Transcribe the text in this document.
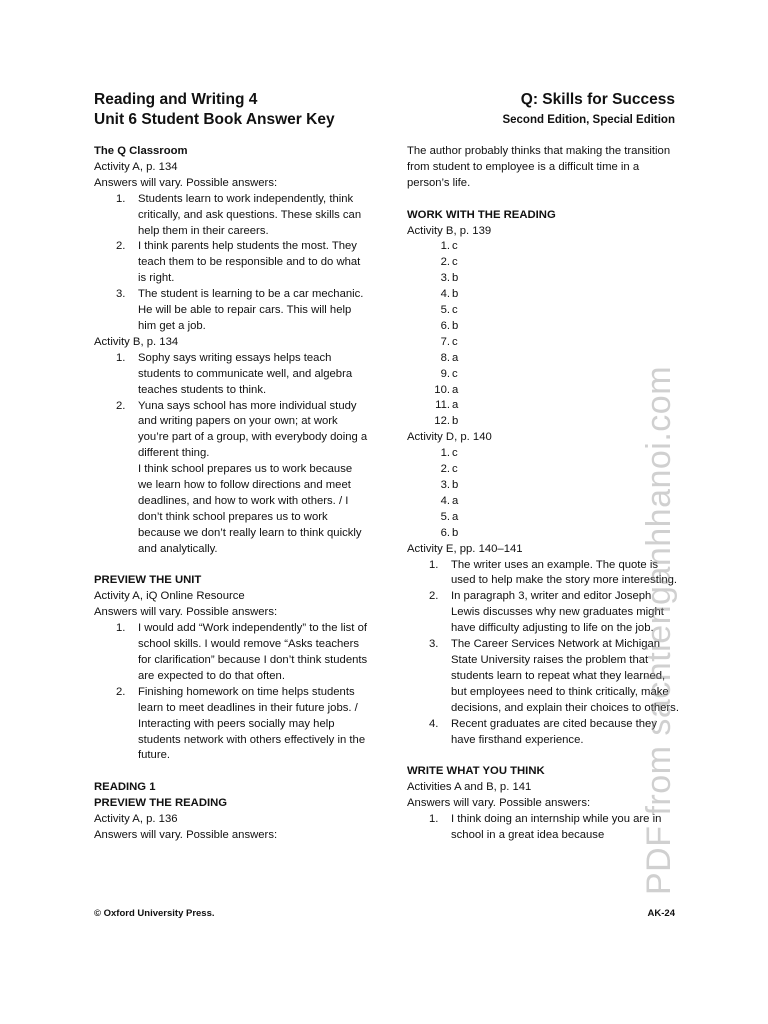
Reading and Writing 4
Unit 6 Student Book Answer Key
Q: Skills for Success
Second Edition, Special Edition

The Q Classroom

Activity A, p. 134

Answers will vary. Possible answers:

1. Students learn to work independently, think critically, and ask questions. These skills can help them in their careers.
2. I think parents help students the most. They teach them to be responsible and to do what is right.
3. The student is learning to be a car mechanic. He will be able to repair cars. This will help him get a job.

Activity B, p. 134

1. Sophy says writing essays helps teach students to communicate well, and algebra teaches students to think.
2. Yuna says school has more individual study and writing papers on your own; at work you’re part of a group, with everybody doing a different thing.
I think school prepares us to work because we learn how to follow directions and meet deadlines, and how to work with others. / I don’t think school prepares us to work because we don’t really learn to think quickly and analytically.

PREVIEW THE UNIT

Activity A, iQ Online Resource

Answers will vary. Possible answers:

1. I would add “Work independently” to the list of school skills. I would remove “Asks teachers for clarification” because I don’t think students are expected to do that often.
2. Finishing homework on time helps students learn to meet deadlines in their future jobs. / Interacting with peers socially may help students network with others effectively in the future.

READING 1

PREVIEW THE READING

Activity A, p. 136

Answers will vary. Possible answers:

The author probably thinks that making the transition from student to employee is a difficult time in a person’s life.

WORK WITH THE READING

Activity B, p. 139

1. c

2. c

3. b

4. b

5. c

6. b

7. c

8. a

9. c

10. a

11. a

12. b

Activity D, p. 140

1. c

2. c

3. b

4. a

5. a

6. b

Activity E, pp. 140–141

1. The writer uses an example. The quote is used to help make the story more interesting.
2. In paragraph 3, writer and editor Joseph Lewis discusses why new graduates might have difficulty adjusting to life on the job.
3. The Career Services Network at Michigan State University raises the problem that students learn to repeat what they learned, but employees need to think critically, make decisions, and explain their choices to others.
4. Recent graduates are cited because they have firsthand experience.

WRITE WHAT YOU THINK

Activities A and B, p. 141

Answers will vary. Possible answers:

1. I think doing an internship while you are in school in a great idea because	PDF from sachtienganhhanoi.com
© Oxford University Press.	AK-24
